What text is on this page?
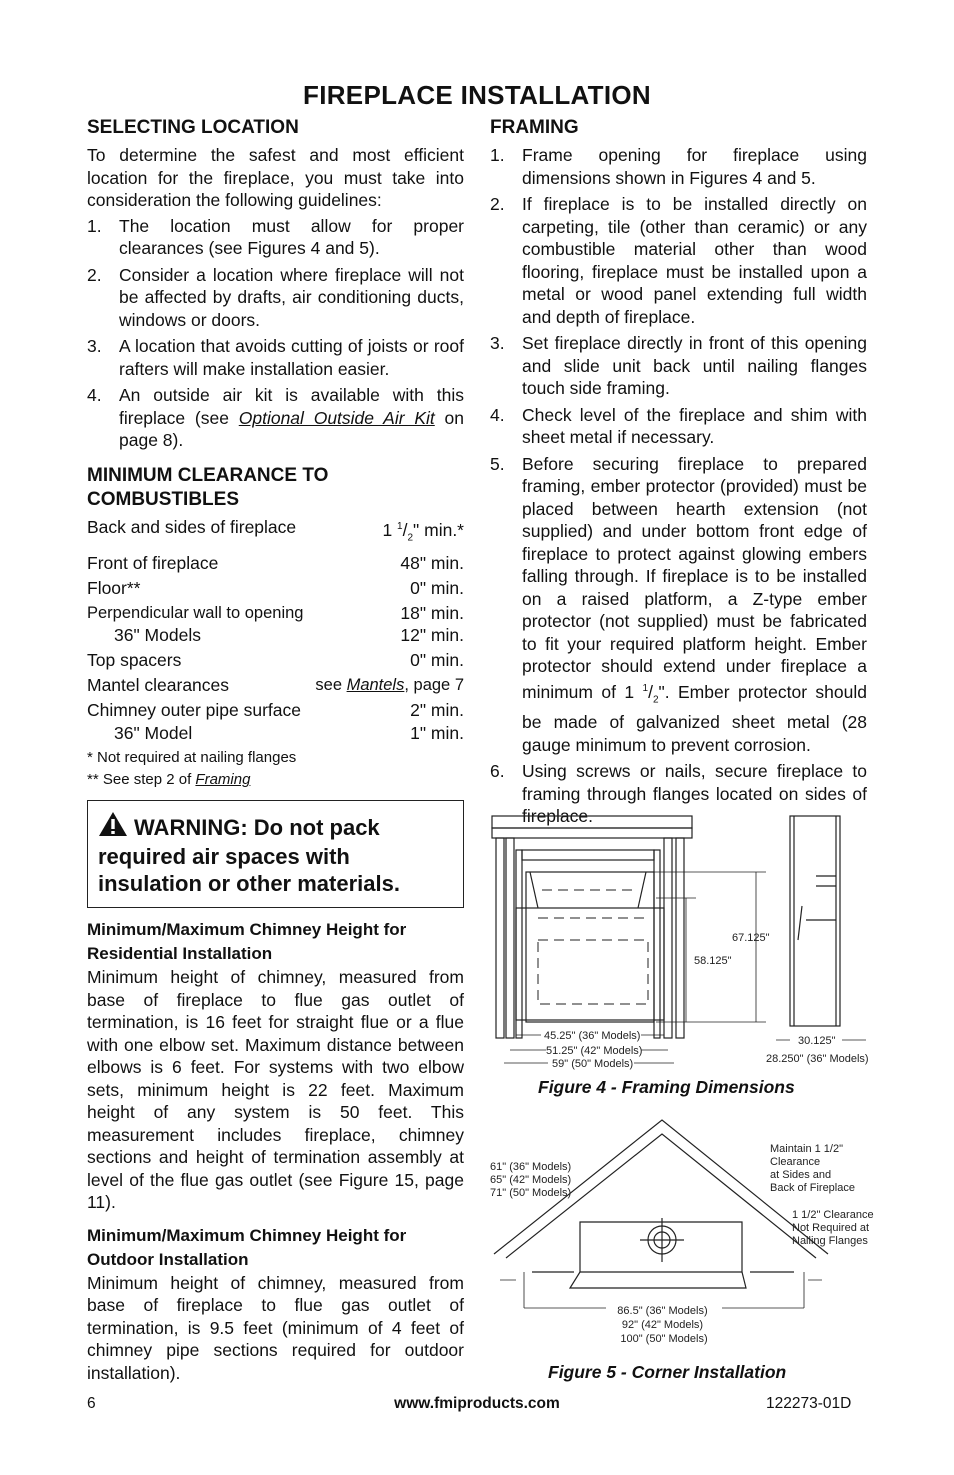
FIREPLACE INSTALLATION
SELECTING LOCATION

To determine the safest and most efficient location for the fireplace, you must take into consideration the following guidelines:

1. The location must allow for proper clearances (see Figures 4 and 5).
2. Consider a location where fireplace will not be affected by drafts, air conditioning ducts, windows or doors.
3. A location that avoids cutting of joists or roof rafters will make installation easier.
4. An outside air kit is available with this fireplace (see Optional Outside Air Kit on page 8).
MINIMUM CLEARANCE TO COMBUSTIBLES
Back and sides of fireplace	1 $^1/_2$" min.*
Front of fireplace	48" min.
Floor**	0" min.
Perpendicular wall to opening	18" min.
36" Models	12" min.
Top spacers	0" min.
Mantel clearances	see Mantels, page 7
Chimney outer pipe surface	2" min.
36" Model	1" min.
* Not required at nailing flanges
** See step 2 of Framing
WARNING: Do not pack required air spaces with insulation or other materials.
Minimum/Maximum Chimney Height for Residential Installation

Minimum height of chimney, measured from base of fireplace to flue gas outlet of termination, is 16 feet for straight flue or a flue with one elbow set. Maximum distance between elbows is 6 feet. For systems with two elbow sets, minimum height is 22 feet. Maximum height of any system is 50 feet. This measurement includes fireplace, chimney sections and height of termination assembly at level of the flue gas outlet (see Figure 15, page 11).

Minimum/Maximum Chimney Height for Outdoor Installation

Minimum height of chimney, measured from base of fireplace to flue gas outlet of termination, is 9.5 feet (minimum of 4 feet of chimney pipe sections required for outdoor installation).

FRAMING
1. Frame opening for fireplace using dimensions shown in Figures 4 and 5.
2. If fireplace is to be installed directly on carpeting, tile (other than ceramic) or any combustible material other than wood flooring, fireplace must be installed upon a metal or wood panel extending full width and depth of fireplace.
3. Set fireplace directly in front of this opening and slide unit back until nailing flanges touch side framing.
4. Check level of the fireplace and shim with sheet metal if necessary.
5. Before securing fireplace to prepared framing, ember protector (provided) must be placed between hearth extension (not supplied) and under bottom front edge of fireplace to protect against glowing embers falling through. If fireplace is to be installed on a raised platform, a Z-type ember protector (not supplied) must be fabricated to fit your required platform height. Ember protector should extend under fireplace a minimum of 1 $^1/_2$". Ember protector should be made of galvanized sheet metal (28 gauge minimum to prevent corrosion.
6. Using screws or nails, secure fireplace to framing through flanges located on sides of fireplace.
67.125"
58.125"
45.25" (36" Models)
51.25" (42" Models)
59" (50" Models)
30.125"
28.250" (36" Models)
Figure 4 - Framing Dimensions
61" (36" Models) 65" (42" Models) 71" (50" Models)
Maintain 1 1/2" Clearance at Sides and Back of Fireplace
1 1/2" Clearance Not Required at Nailing Flanges
86.5" (36" Models) 92" (42" Models) 100" (50" Models)
Figure 5 - Corner Installation
6	www.fmiproducts.com	122273-01D
